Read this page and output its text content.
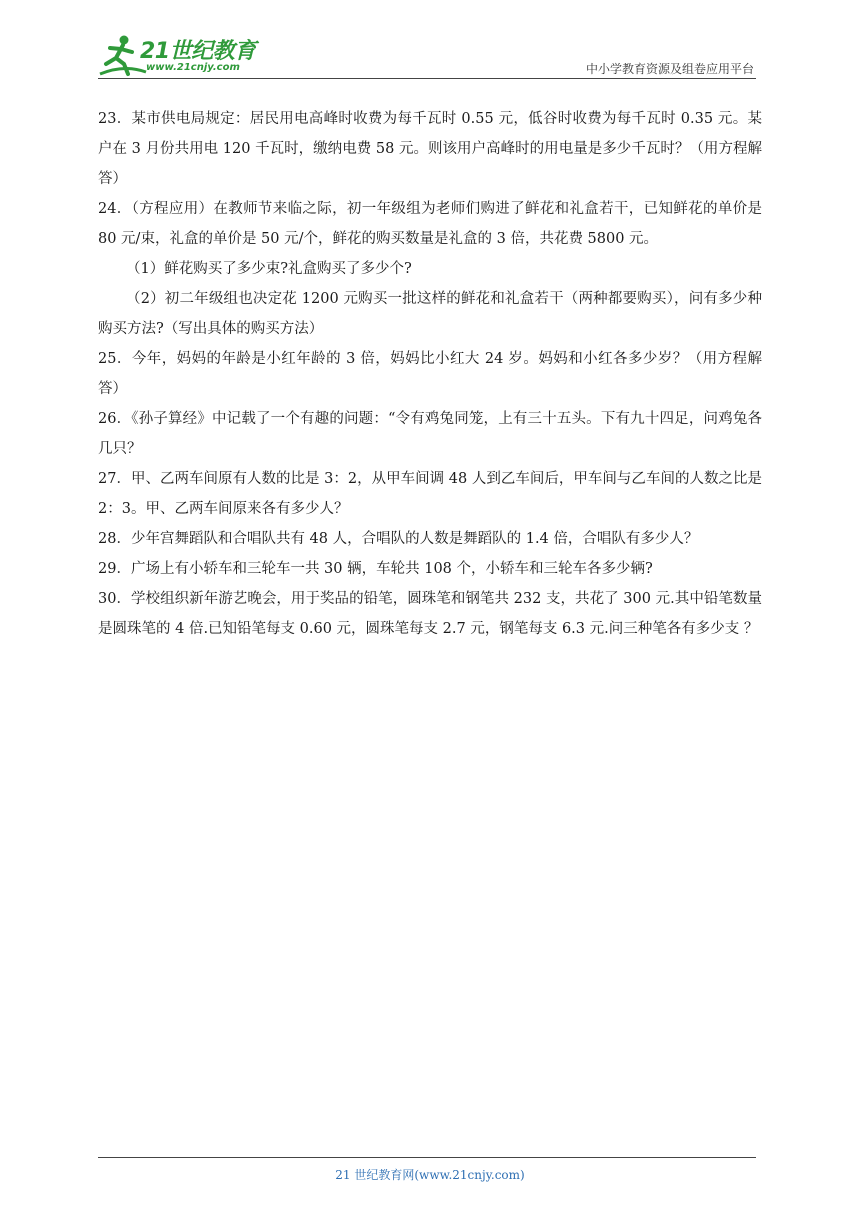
21世纪教育
www.21cnjy.com	中小学教育资源及组卷应用平台

23．某市供电局规定：居民用电高峰时收费为每千瓦时 0.55 元，低谷时收费为每千瓦时 0.35 元。某户在 3 月份共用电 120 千瓦时，缴纳电费 58 元。则该用户高峰时的用电量是多少千瓦时？（用方程解答）

24．（方程应用）在教师节来临之际，初一年级组为老师们购进了鲜花和礼盒若干，已知鲜花的单价是 80 元/束，礼盒的单价是 50 元/个，鲜花的购买数量是礼盒的 3 倍，共花费 5800 元。

（1）鲜花购买了多少束?礼盒购买了多少个?

（2）初二年级组也决定花 1200 元购买一批这样的鲜花和礼盒若干（两种都要购买），问有多少种购买方法?（写出具体的购买方法）

25．今年，妈妈的年龄是小红年龄的 3 倍，妈妈比小红大 24 岁。妈妈和小红各多少岁？（用方程解答）

26．《孙子算经》中记载了一个有趣的问题：“令有鸡兔同笼，上有三十五头。下有九十四足，问鸡兔各几只？

27．甲、乙两车间原有人数的比是 3：2，从甲车间调 48 人到乙车间后，甲车间与乙车间的人数之比是 2：3。甲、乙两车间原来各有多少人？

28．少年宫舞蹈队和合唱队共有 48 人，合唱队的人数是舞蹈队的 1.4 倍，合唱队有多少人？

29．广场上有小轿车和三轮车一共 30 辆，车轮共 108 个，小轿车和三轮车各多少辆?

30．学校组织新年游艺晚会，用于奖品的铅笔，圆珠笔和钢笔共 232 支，共花了 300 元.其中铅笔数量是圆珠笔的 4 倍.已知铅笔每支 0.60 元，圆珠笔每支 2.7 元，钢笔每支 6.3 元.问三种笔各有多少支 ？

21 世纪教育网(www.21cnjy.com)
